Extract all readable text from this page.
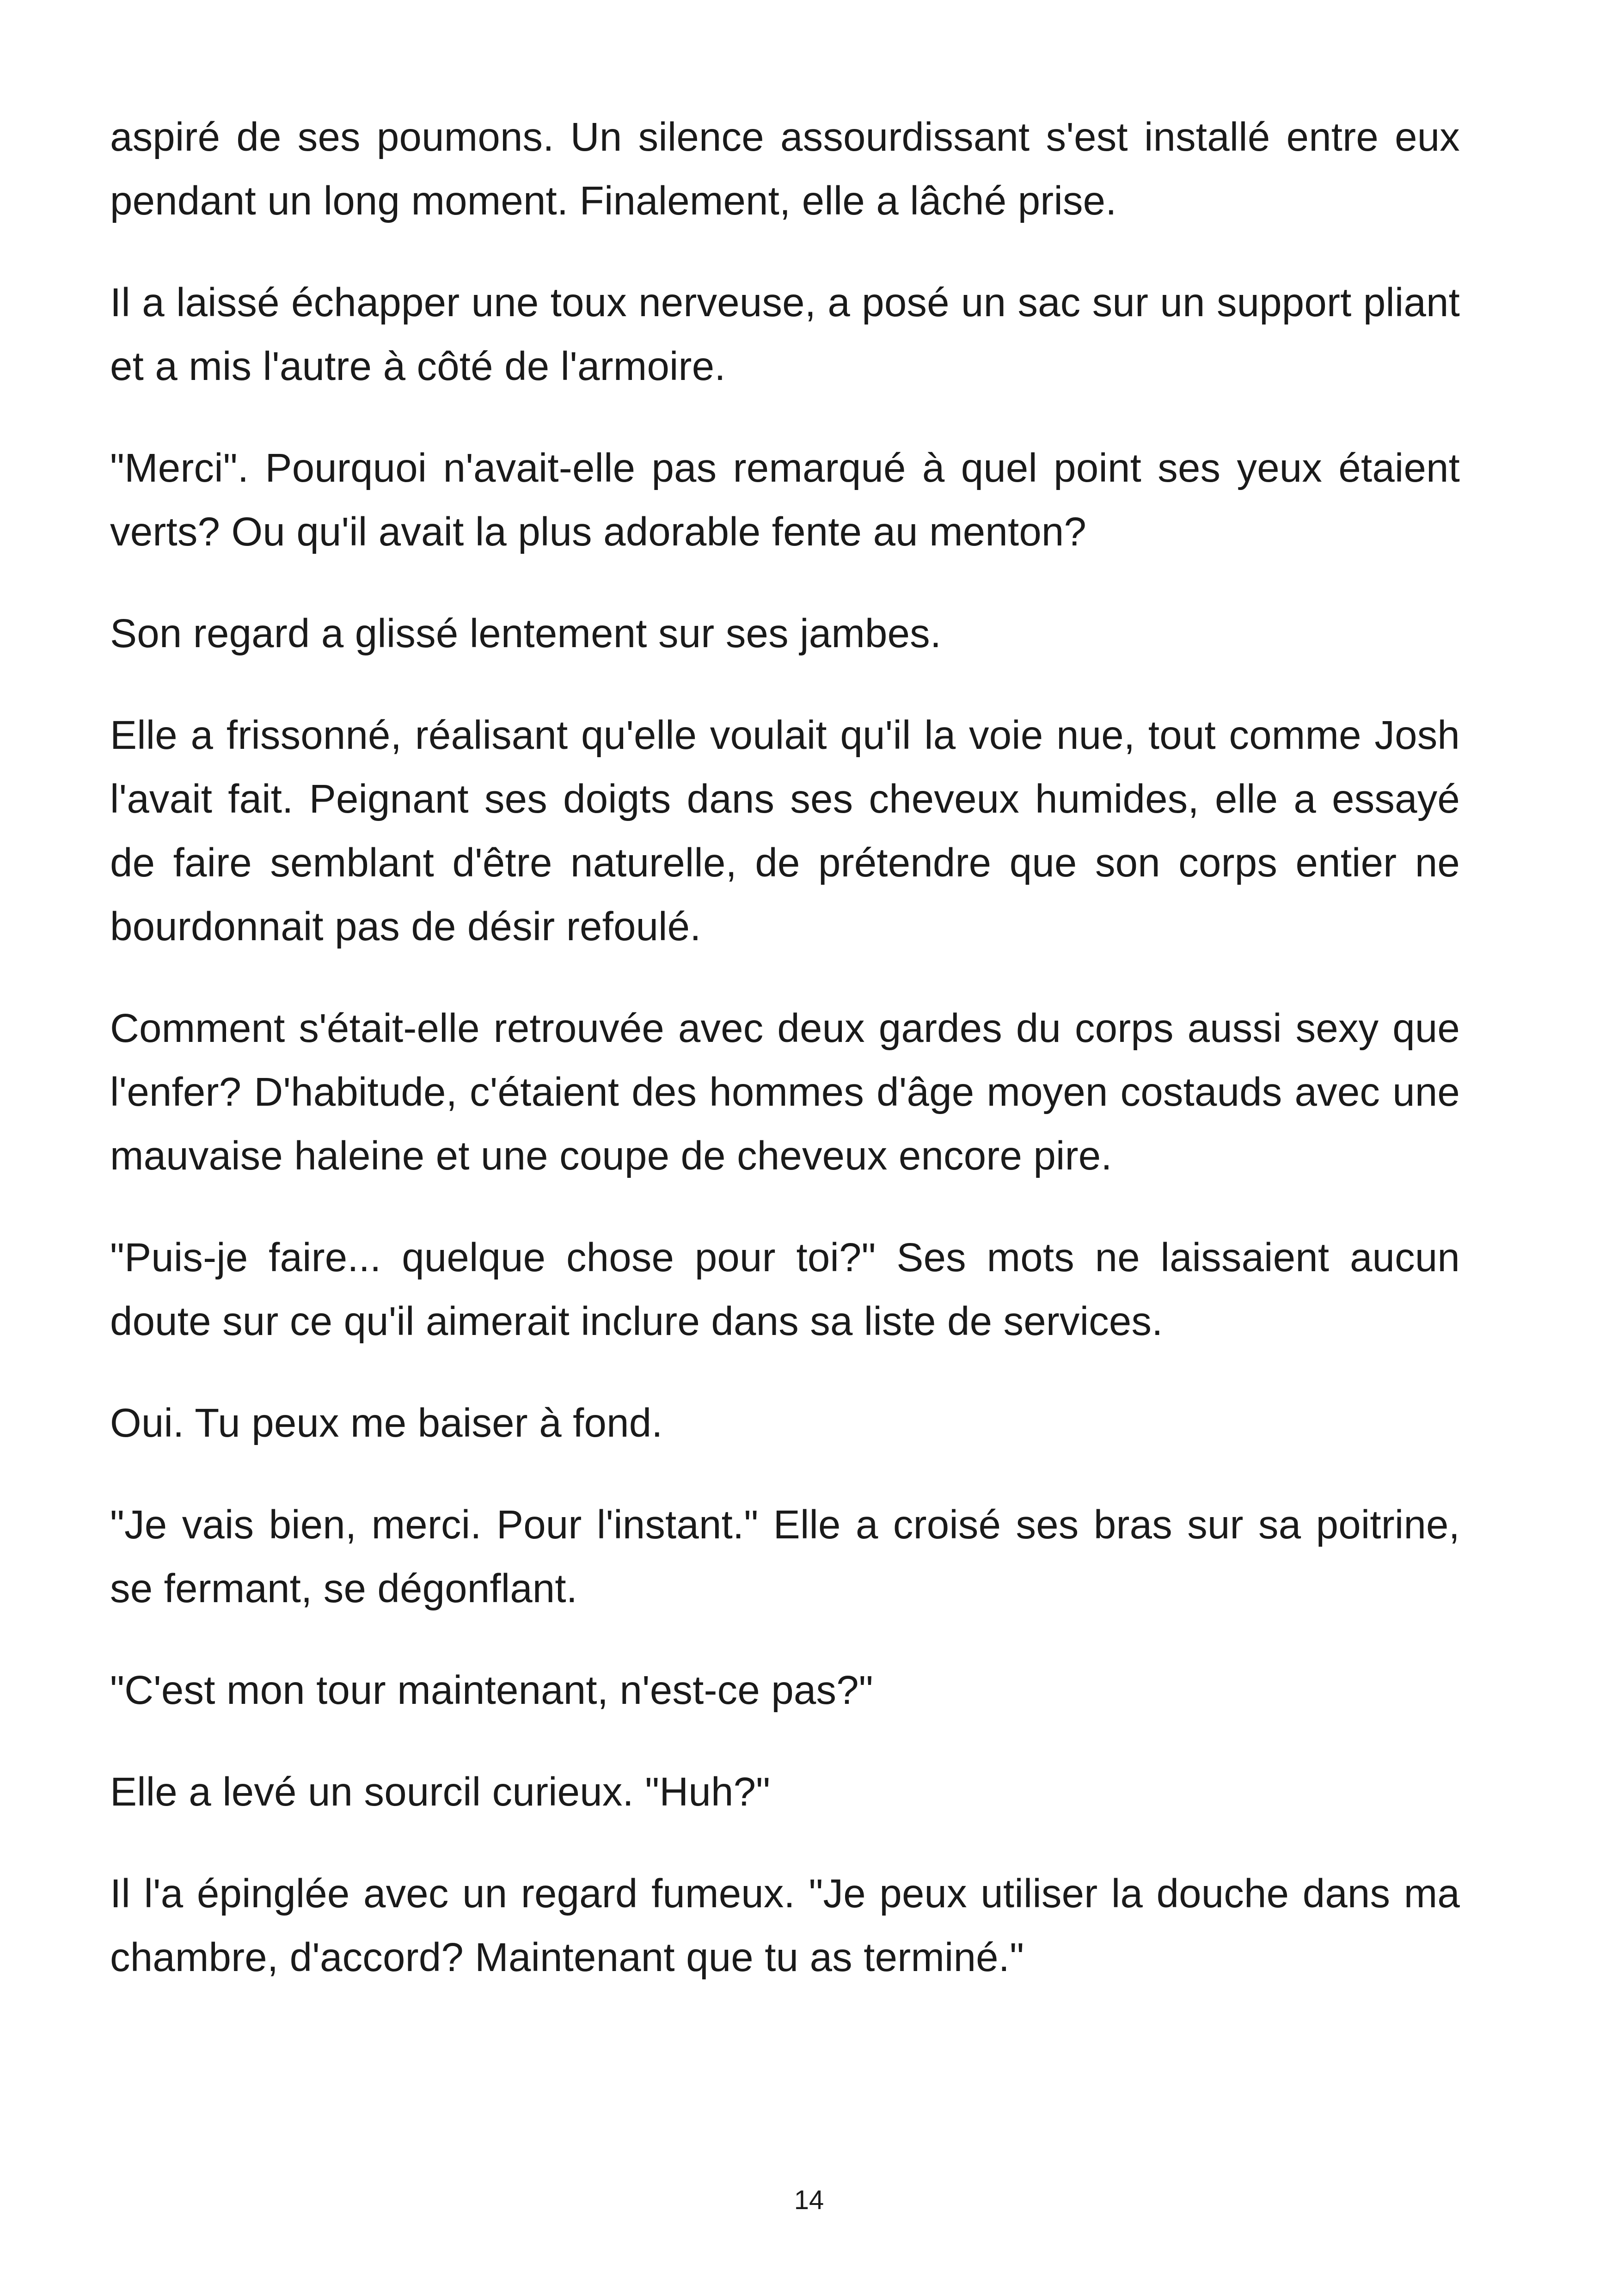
aspiré de ses poumons. Un silence assourdissant s'est installé entre eux pendant un long moment. Finalement, elle a lâché prise.

Il a laissé échapper une toux nerveuse, a posé un sac sur un support pliant et a mis l'autre à côté de l'armoire.

"Merci". Pourquoi n'avait-elle pas remarqué à quel point ses yeux étaient verts? Ou qu'il avait la plus adorable fente au menton?

Son regard a glissé lentement sur ses jambes.

Elle a frissonné, réalisant qu'elle voulait qu'il la voie nue, tout comme Josh l'avait fait. Peignant ses doigts dans ses cheveux humides, elle a essayé de faire semblant d'être naturelle, de prétendre que son corps entier ne bourdonnait pas de désir refoulé.

Comment s'était-elle retrouvée avec deux gardes du corps aussi sexy que l'enfer? D'habitude, c'étaient des hommes d'âge moyen costauds avec une mauvaise haleine et une coupe de cheveux encore pire.

"Puis-je faire... quelque chose pour toi?" Ses mots ne laissaient aucun doute sur ce qu'il aimerait inclure dans sa liste de services.

Oui. Tu peux me baiser à fond.

"Je vais bien, merci. Pour l'instant." Elle a croisé ses bras sur sa poitrine, se fermant, se dégonflant.

"C'est mon tour maintenant, n'est-ce pas?"

Elle a levé un sourcil curieux. "Huh?"

Il l'a épinglée avec un regard fumeux. "Je peux utiliser la douche dans ma chambre, d'accord? Maintenant que tu as terminé."

14
